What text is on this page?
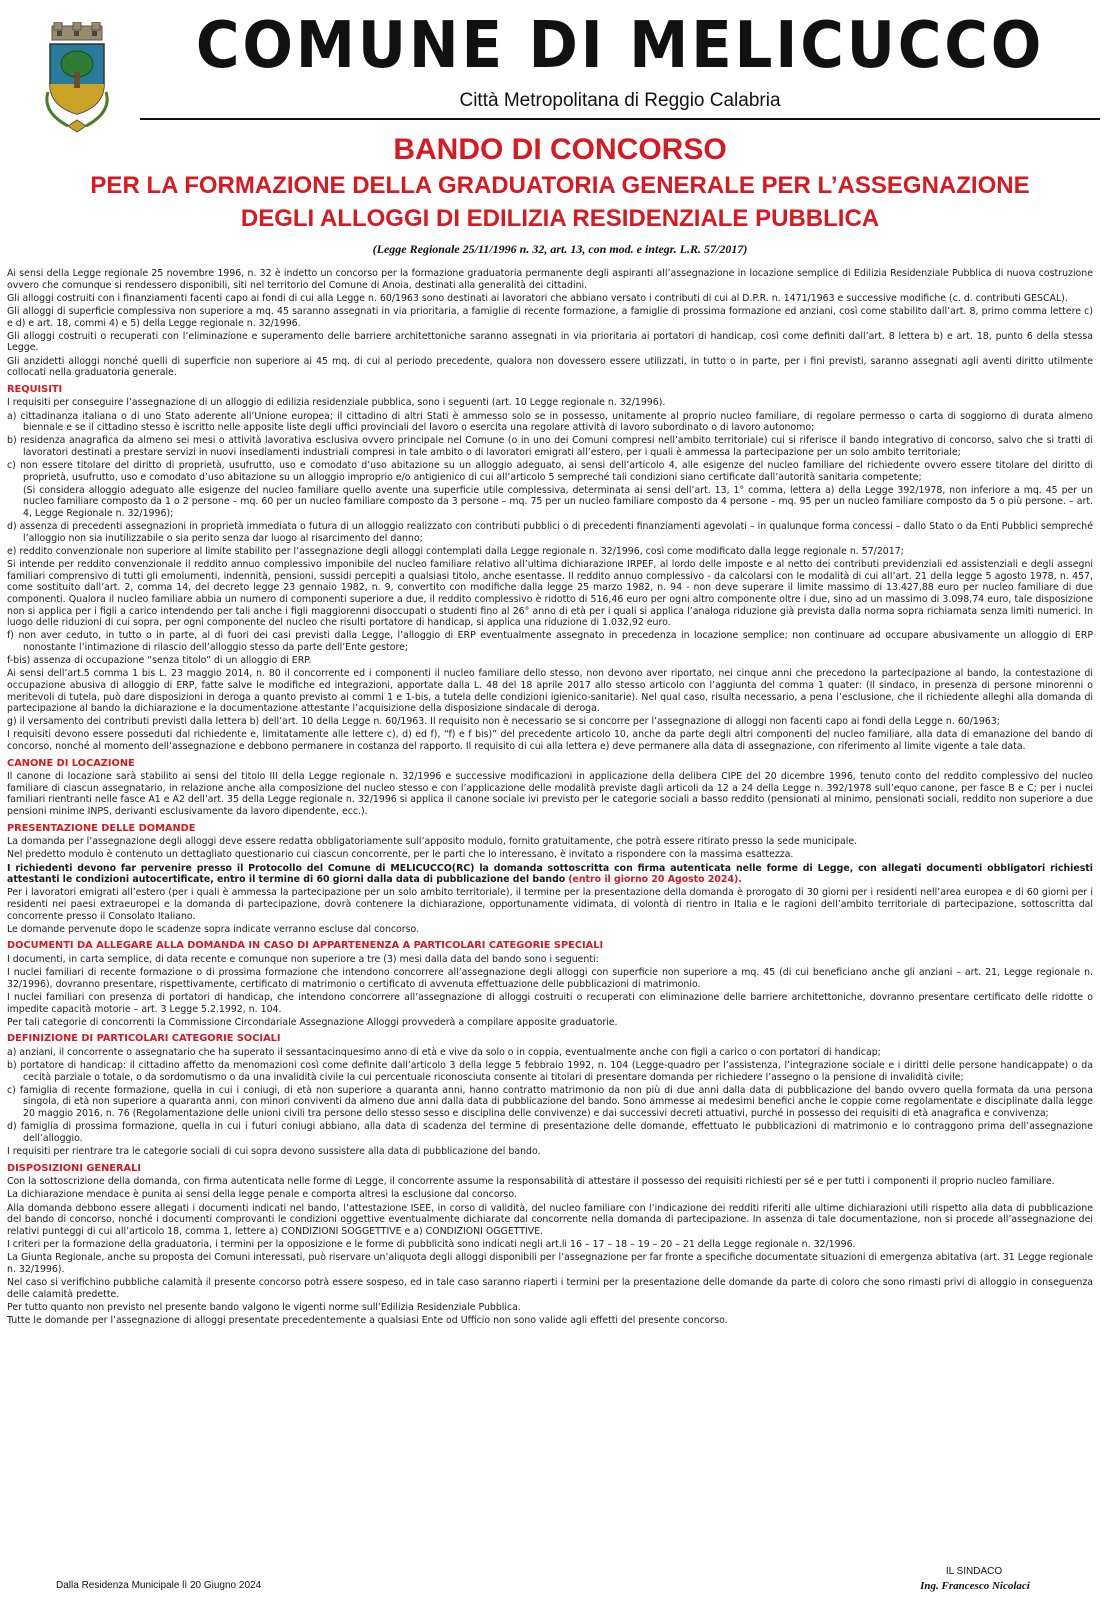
COMUNE DI MELICUCCO
Città Metropolitana di Reggio Calabria
BANDO DI CONCORSO
PER LA FORMAZIONE DELLA GRADUATORIA GENERALE PER L’ASSEGNAZIONE
DEGLI ALLOGGI DI EDILIZIA RESIDENZIALE PUBBLICA
(Legge Regionale 25/11/1996 n. 32, art. 13, con mod. e integr. L.R. 57/2017)

Ai sensi della Legge regionale 25 novembre 1996, n. 32 è indetto un concorso per la formazione graduatoria permanente degli aspiranti all’assegnazione in locazione semplice di Edilizia Residenziale Pubblica di nuova costruzione ovvero che comunque si rendessero disponibili, siti nel territorio del Comune di Anoia, destinati alla generalità dei cittadini.

Gli alloggi costruiti con i finanziamenti facenti capo ai fondi di cui alla Legge n. 60/1963 sono destinati ai lavoratori che abbiano versato i contributi di cui al D.P.R. n. 1471/1963 e successive modifiche (c. d. contributi GESCAL).

Gli alloggi di superficie complessiva non superiore a mq. 45 saranno assegnati in via prioritaria, a famiglie di recente formazione, a famiglie di prossima formazione ed anziani, così come stabilito dall’art. 8, primo comma lettere c) e d) e art. 18, commi 4) e 5) della Legge regionale n. 32/1996.

Gli alloggi costruiti o recuperati con l’eliminazione e superamento delle barriere architettoniche saranno assegnati in via prioritaria ai portatori di handicap, così come definiti dall’art. 8 lettera b) e art. 18, punto 6 della stessa Legge.

Gli anzidetti alloggi nonché quelli di superficie non superiore ai 45 mq. di cui al periodo precedente, qualora non dovessero essere utilizzati, in tutto o in parte, per i fini previsti, saranno assegnati agli aventi diritto utilmente collocati nella graduatoria generale.

REQUISITI

I requisiti per conseguire l’assegnazione di un alloggio di edilizia residenziale pubblica, sono i seguenti (art. 10 Legge regionale n. 32/1996).

a) cittadinanza italiana o di uno Stato aderente all’Unione europea; il cittadino di altri Stati è ammesso solo se in possesso, unitamente al proprio nucleo familiare, di regolare permesso o carta di soggiorno di durata almeno biennale e se il cittadino stesso è iscritto nelle apposite liste degli uffici provinciali del lavoro o esercita una regolare attività di lavoro subordinato o di lavoro autonomo;

b) residenza anagrafica da almeno sei mesi o attività lavorativa esclusiva ovvero principale nel Comune (o in uno dei Comuni compresi nell’ambito territoriale) cui si riferisce il bando integrativo di concorso, salvo che si tratti di lavoratori destinati a prestare servizi in nuovi insediamenti industriali compresi in tale ambito o di lavoratori emigrati all’estero, per i quali è ammessa la partecipazione per un solo ambito territoriale;

c) non essere titolare del diritto di proprietà, usufrutto, uso e comodato d’uso abitazione su un alloggio adeguato, ai sensi dell’articolo 4, alle esigenze del nucleo familiare del richiedente ovvero essere titolare del diritto di proprietà, usufrutto, uso e comodato d’uso abitazione su un alloggio improprio e/o antigienico di cui all’articolo 5 sempreché tali condizioni siano certificate dall’autorità sanitaria competente;

(Si considera alloggio adeguato alle esigenze del nucleo familiare quello avente una superficie utile complessiva, determinata ai sensi dell’art. 13, 1° comma, lettera a) della Legge 392/1978, non inferiore a mq. 45 per un nucleo familiare composto da 1 o 2 persone – mq. 60 per un nucleo familiare composto da 3 persone – mq. 75 per un nucleo familiare composto da 4 persone – mq. 95 per un nucleo familiare composto da 5 o più persone. – art. 4, Legge Regionale n. 32/1996);

d) assenza di precedenti assegnazioni in proprietà immediata o futura di un alloggio realizzato con contributi pubblici o di precedenti finanziamenti agevolati – in qualunque forma concessi – dallo Stato o da Enti Pubblici sempreché l’alloggio non sia inutilizzabile o sia perito senza dar luogo al risarcimento del danno;

e) reddito convenzionale non superiore al limite stabilito per l’assegnazione degli alloggi contemplati dalla Legge regionale n. 32/1996, così come modificato dalla legge regionale n. 57/2017;

Si intende per reddito convenzionale il reddito annuo complessivo imponibile del nucleo familiare relativo all’ultima dichiarazione IRPEF, al lordo delle imposte e al netto dei contributi previdenziali ed assistenziali e degli assegni familiari comprensivo di tutti gli emolumenti, indennità, pensioni, sussidi percepiti a qualsiasi titolo, anche esentasse. Il reddito annuo complessivo - da calcolarsi con le modalità di cui all’art. 21 della legge 5 agosto 1978, n. 457, come sostituito dall’art. 2, comma 14, del decreto legge 23 gennaio 1982, n. 9, convertito con modifiche dalla legge 25 marzo 1982, n. 94 - non deve superare il limite massimo di 13.427,88 euro per nucleo familiare di due componenti. Qualora il nucleo familiare abbia un numero di componenti superiore a due, il reddito complessivo è ridotto di 516,46 euro per ogni altro componente oltre i due, sino ad un massimo di 3.098,74 euro, tale disposizione non si applica per i figli a carico intendendo per tali anche i figli maggiorenni disoccupati o studenti fino al 26° anno di età per i quali si applica l’analoga riduzione già prevista dalla norma sopra richiamata senza limiti numerici. In luogo delle riduzioni di cui sopra, per ogni componente del nucleo che risulti portatore di handicap, si applica una riduzione di 1.032,92 euro.

f) non aver ceduto, in tutto o in parte, al di fuori dei casi previsti dalla Legge, l’alloggio di ERP eventualmente assegnato in precedenza in locazione semplice; non continuare ad occupare abusivamente un alloggio di ERP nonostante l’intimazione di rilascio dell’alloggio stesso da parte dell’Ente gestore;

f-bis) assenza di occupazione “senza titolo” di un alloggio di ERP.

Ai sensi dell’art.5 comma 1 bis L. 23 maggio 2014, n. 80 il concorrente ed i componenti il nucleo familiare dello stesso, non devono aver riportato, nei cinque anni che precedono la partecipazione al bando, la contestazione di occupazione abusiva di alloggio di ERP, fatte salve le modifiche ed integrazioni, apportate dalla L. 48 del 18 aprile 2017 allo stesso articolo con l’aggiunta del comma 1 quater: (Il sindaco, in presenza di persone minorenni o meritevoli di tutela, può dare disposizioni in deroga a quanto previsto ai commi 1 e 1-bis, a tutela delle condizioni igienico-sanitarie). Nel qual caso, risulta necessario, a pena l’esclusione, che il richiedente alleghi alla domanda di partecipazione al bando la dichiarazione e la documentazione attestante l’acquisizione della disposizione sindacale di deroga.

g) il versamento dei contributi previsti dalla lettera b) dell’art. 10 della Legge n. 60/1963. Il requisito non è necessario se si concorre per l’assegnazione di alloggi non facenti capo ai fondi della Legge n. 60/1963;

I requisiti devono essere posseduti dal richiedente e, limitatamente alle lettere c), d) ed f), “f) e f bis)” del precedente articolo 10, anche da parte degli altri componenti del nucleo familiare, alla data di emanazione del bando di concorso, nonché al momento dell’assegnazione e debbono permanere in costanza del rapporto. Il requisito di cui alla lettera e) deve permanere alla data di assegnazione, con riferimento al limite vigente a tale data.

CANONE DI LOCAZIONE

Il canone di locazione sarà stabilito ai sensi del titolo III della Legge regionale n. 32/1996 e successive modificazioni in applicazione della delibera CIPE del 20 dicembre 1996, tenuto conto del reddito complessivo del nucleo familiare di ciascun assegnatario, in relazione anche alla composizione del nucleo stesso e con l’applicazione delle modalità previste dagli articoli da 12 a 24 della Legge n. 392/1978 sull’equo canone, per fasce B e C; per i nuclei familiari rientranti nelle fasce A1 e A2 dell’art. 35 della Legge regionale n. 32/1996 si applica il canone sociale ivi previsto per le categorie sociali a basso reddito (pensionati al minimo, pensionati sociali, reddito non superiore a due pensioni minime INPS, derivanti esclusivamente da lavoro dipendente, ecc.).

PRESENTAZIONE DELLE DOMANDE

La domanda per l’assegnazione degli alloggi deve essere redatta obbligatoriamente sull’apposito modulo, fornito gratuitamente, che potrà essere ritirato presso la sede municipale.

Nel predetto modulo è contenuto un dettagliato questionario cui ciascun concorrente, per le parti che lo interessano, è invitato a rispondere con la massima esattezza.

I richiedenti devono far pervenire presso il Protocollo del Comune di MELICUCCO(RC) la domanda sottoscritta con firma autenticata nelle forme di Legge, con allegati documenti obbligatori richiesti attestanti le condizioni autocertificate, entro il termine di 60 giorni dalla data di pubblicazione del bando (entro il giorno 20 Agosto 2024).

Per i lavoratori emigrati all’estero (per i quali è ammessa la partecipazione per un solo ambito territoriale), il termine per la presentazione della domanda è prorogato di 30 giorni per i residenti nell’area europea e di 60 giorni per i residenti nei paesi extraeuropei e la domanda di partecipazione, dovrà contenere la dichiarazione, opportunamente vidimata, di volontà di rientro in Italia e le ragioni dell’ambito territoriale di partecipazione, sottoscritta dal concorrente presso il Consolato Italiano.

Le domande pervenute dopo le scadenze sopra indicate verranno escluse dal concorso.

DOCUMENTI DA ALLEGARE ALLA DOMANDA IN CASO DI APPARTENENZA A PARTICOLARI CATEGORIE SPECIALI

I documenti, in carta semplice, di data recente e comunque non superiore a tre (3) mesi dalla data del bando sono i seguenti:

I nuclei familiari di recente formazione o di prossima formazione che intendono concorrere all’assegnazione degli alloggi con superficie non superiore a mq. 45 (di cui beneficiano anche gli anziani – art. 21, Legge regionale n. 32/1996), dovranno presentare, rispettivamente, certificato di matrimonio o certificato di avvenuta effettuazione delle pubblicazioni di matrimonio.

I nuclei familiari con presenza di portatori di handicap, che intendono concorrere all’assegnazione di alloggi costruiti o recuperati con eliminazione delle barriere architettoniche, dovranno presentare certificato delle ridotte o impedite capacità motorie – art. 3 Legge 5.2.1992, n. 104.

Per tali categorie di concorrenti la Commissione Circondariale Assegnazione Alloggi provvederà a compilare apposite graduatorie.

DEFINIZIONE DI PARTICOLARI CATEGORIE SOCIALI

a) anziani, il concorrente o assegnatario che ha superato il sessantacinquesimo anno di età e vive da solo o in coppia, eventualmente anche con figli a carico o con portatori di handicap;

b) portatore di handicap: il cittadino affetto da menomazioni così come definite dall’articolo 3 della legge 5 febbraio 1992, n. 104 (Legge-quadro per l’assistenza, l’integrazione sociale e i diritti delle persone handicappate) o da cecità parziale o totale, o da sordomutismo o da una invalidità civile la cui percentuale riconosciuta consente ai titolari di presentare domanda per richiedere l’assegno o la pensione di invalidità civile;

c) famiglia di recente formazione, quella in cui i coniugi, di età non superiore a quaranta anni, hanno contratto matrimonio da non più di due anni dalla data di pubblicazione del bando ovvero quella formata da una persona singola, di età non superiore a quaranta anni, con minori conviventi da almeno due anni dalla data di pubblicazione del bando. Sono ammesse ai medesimi benefici anche le coppie come regolamentate e disciplinate dalla legge 20 maggio 2016, n. 76 (Regolamentazione delle unioni civili tra persone dello stesso sesso e disciplina delle convivenze) e dai successivi decreti attuativi, purché in possesso dei requisiti di età anagrafica e convivenza;

d) famiglia di prossima formazione, quella in cui i futuri coniugi abbiano, alla data di scadenza del termine di presentazione delle domande, effettuato le pubblicazioni di matrimonio e lo contraggono prima dell’assegnazione dell’alloggio.

I requisiti per rientrare tra le categorie sociali di cui sopra devono sussistere alla data di pubblicazione del bando.

DISPOSIZIONI GENERALI

Con la sottoscrizione della domanda, con firma autenticata nelle forme di Legge, il concorrente assume la responsabilità di attestare il possesso dei requisiti richiesti per sé e per tutti i componenti il proprio nucleo familiare.

La dichiarazione mendace è punita ai sensi della legge penale e comporta altresì la esclusione dal concorso.

Alla domanda debbono essere allegati i documenti indicati nel bando, l’attestazione ISEE, in corso di validità, del nucleo familiare con l’indicazione dei redditi riferiti alle ultime dichiarazioni utili rispetto alla data di pubblicazione del bando di concorso, nonché i documenti comprovanti le condizioni oggettive eventualmente dichiarate dal concorrente nella domanda di partecipazione. In assenza di tale documentazione, non si procede all’assegnazione dei relativi punteggi di cui all’articolo 18, comma 1, lettere a) CONDIZIONI SOGGETTIVE e a) CONDIZIONI OGGETTIVE.

I criteri per la formazione della graduatoria, i termini per la opposizione e le forme di pubblicità sono indicati negli art.li 16 – 17 – 18 – 19 – 20 – 21 della Legge regionale n. 32/1996.

La Giunta Regionale, anche su proposta dei Comuni interessati, può riservare un’aliquota degli alloggi disponibili per l’assegnazione per far fronte a specifiche documentate situazioni di emergenza abitativa (art. 31 Legge regionale n. 32/1996).

Nel caso si verifichino pubbliche calamità il presente concorso potrà essere sospeso, ed in tale caso saranno riaperti i termini per la presentazione delle domande da parte di coloro che sono rimasti privi di alloggio in conseguenza delle calamità predette.

Per tutto quanto non previsto nel presente bando valgono le vigenti norme sull’Edilizia Residenziale Pubblica.

Tutte le domande per l’assegnazione di alloggi presentate precedentemente a qualsiasi Ente od Ufficio non sono valide agli effetti del presente concorso.

Dalla Residenza Municipale lì 20 Giugno 2024
IL SINDACO
Ing. Francesco Nicolaci
